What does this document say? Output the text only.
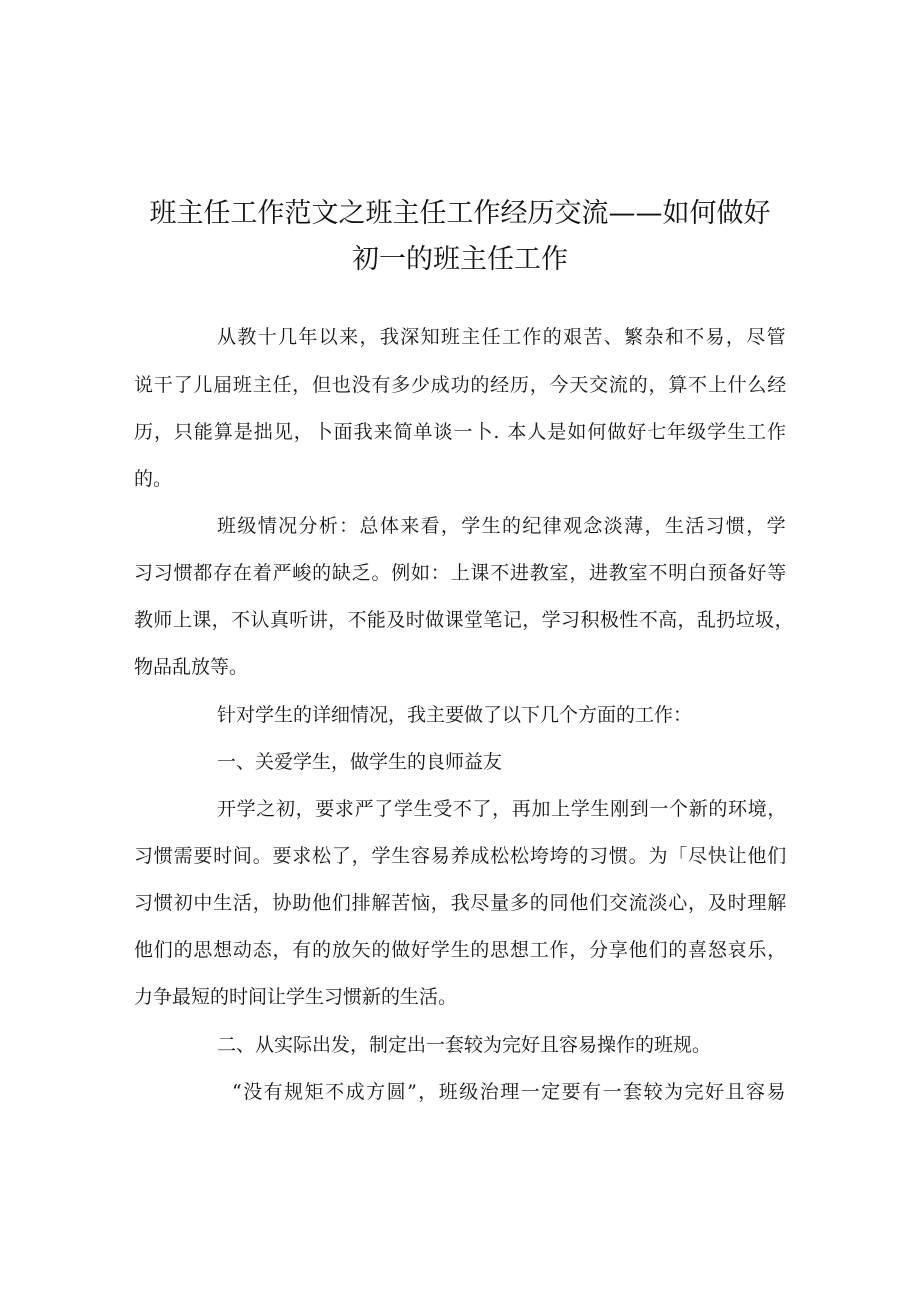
班主任工作范文之班主任工作经历交流——如何做好
初一的班主任工作
从教十几年以来，我深知班主任工作的艰苦、繁杂和不易，尽管
说干了儿届班主任，但也没有多少成功的经历，今天交流的，算不上什么经
历，只能算是拙见，卜面我来简单谈一卜. 本人是如何做好七年级学生工作
的。
班级情况分析：总体来看，学生的纪律观念淡薄，生活习惯，学
习习惯都存在着严峻的缺乏。例如：上课不进教室，进教室不明白预备好等
教师上课，不认真听讲，不能及时做课堂笔记，学习积极性不高，乱扔垃圾，
物品乱放等。
针对学生的详细情况，我主要做了以下几个方面的工作：
一、关爱学生，做学生的良师益友
开学之初，要求严了学生受不了，再加上学生刚到一个新的环境，
习惯需要时间。要求松了，学生容易养成松松垮垮的习惯。为「尽快让他们
习惯初中生活，协助他们排解苦恼，我尽量多的同他们交流淡心，及时理解
他们的思想动态，有的放矢的做好学生的思想工作，分享他们的喜怒哀乐，
力争最短的时间让学生习惯新的生活。
二、从实际出发，制定出一套较为完好且容易操作的班规。
“没有规矩不成方圆”，班级治理一定要有一套较为完好且容易
